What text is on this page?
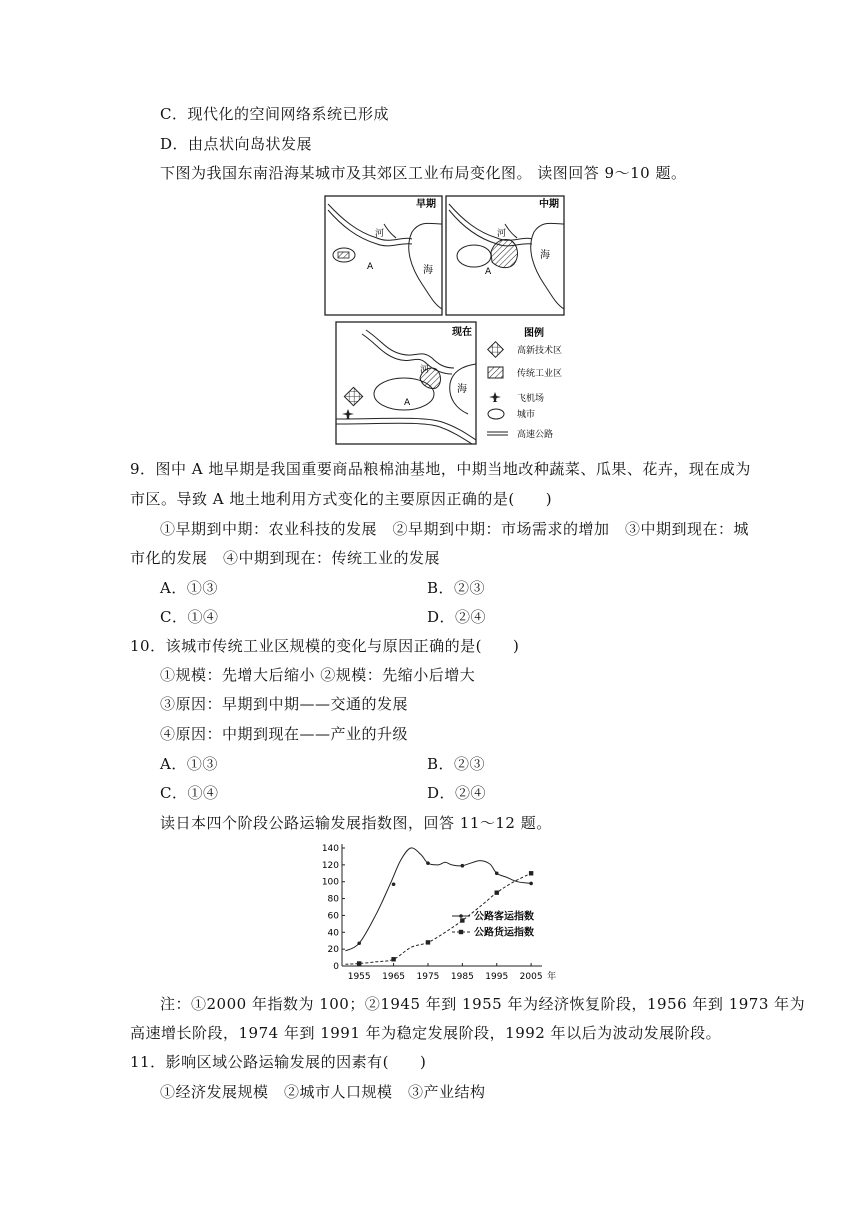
C．现代化的空间网络系统已形成
D．由点状向岛状发展
下图为我国东南沿海某城市及其郊区工业布局变化图。 读图回答 9～10 题。
早期
河
海
A
中期
河
海
A
现在
河
海
A
图例
高新技术区
传统工业区
飞机场
城市
高速公路
9．图中 A 地早期是我国重要商品粮棉油基地，中期当地改种蔬菜、瓜果、花卉，现在成为
市区。导致 A 地土地利用方式变化的主要原因正确的是(　　)
①早期到中期：农业科技的发展　②早期到中期：市场需求的增加　③中期到现在：城
市化的发展　④中期到现在：传统工业的发展
A．①③	B．②③
C．①④	D．②④
10．该城市传统工业区规模的变化与原因正确的是(　　)
①规模：先增大后缩小 ②规模：先缩小后增大
③原因：早期到中期——交通的发展
④原因：中期到现在——产业的升级
A．①③	B．②③
C．①④	D．②④
读日本四个阶段公路运输发展指数图，回答 11～12 题。
0
20
40
60
80
100
120
140
1955 1965 1975 1985 1995 2005 年
公路客运指数
公路货运指数
注：①2000 年指数为 100；②1945 年到 1955 年为经济恢复阶段，1956 年到 1973 年为
高速增长阶段，1974 年到 1991 年为稳定发展阶段，1992 年以后为波动发展阶段。
11．影响区域公路运输发展的因素有(　　)
①经济发展规模　②城市人口规模　③产业结构
